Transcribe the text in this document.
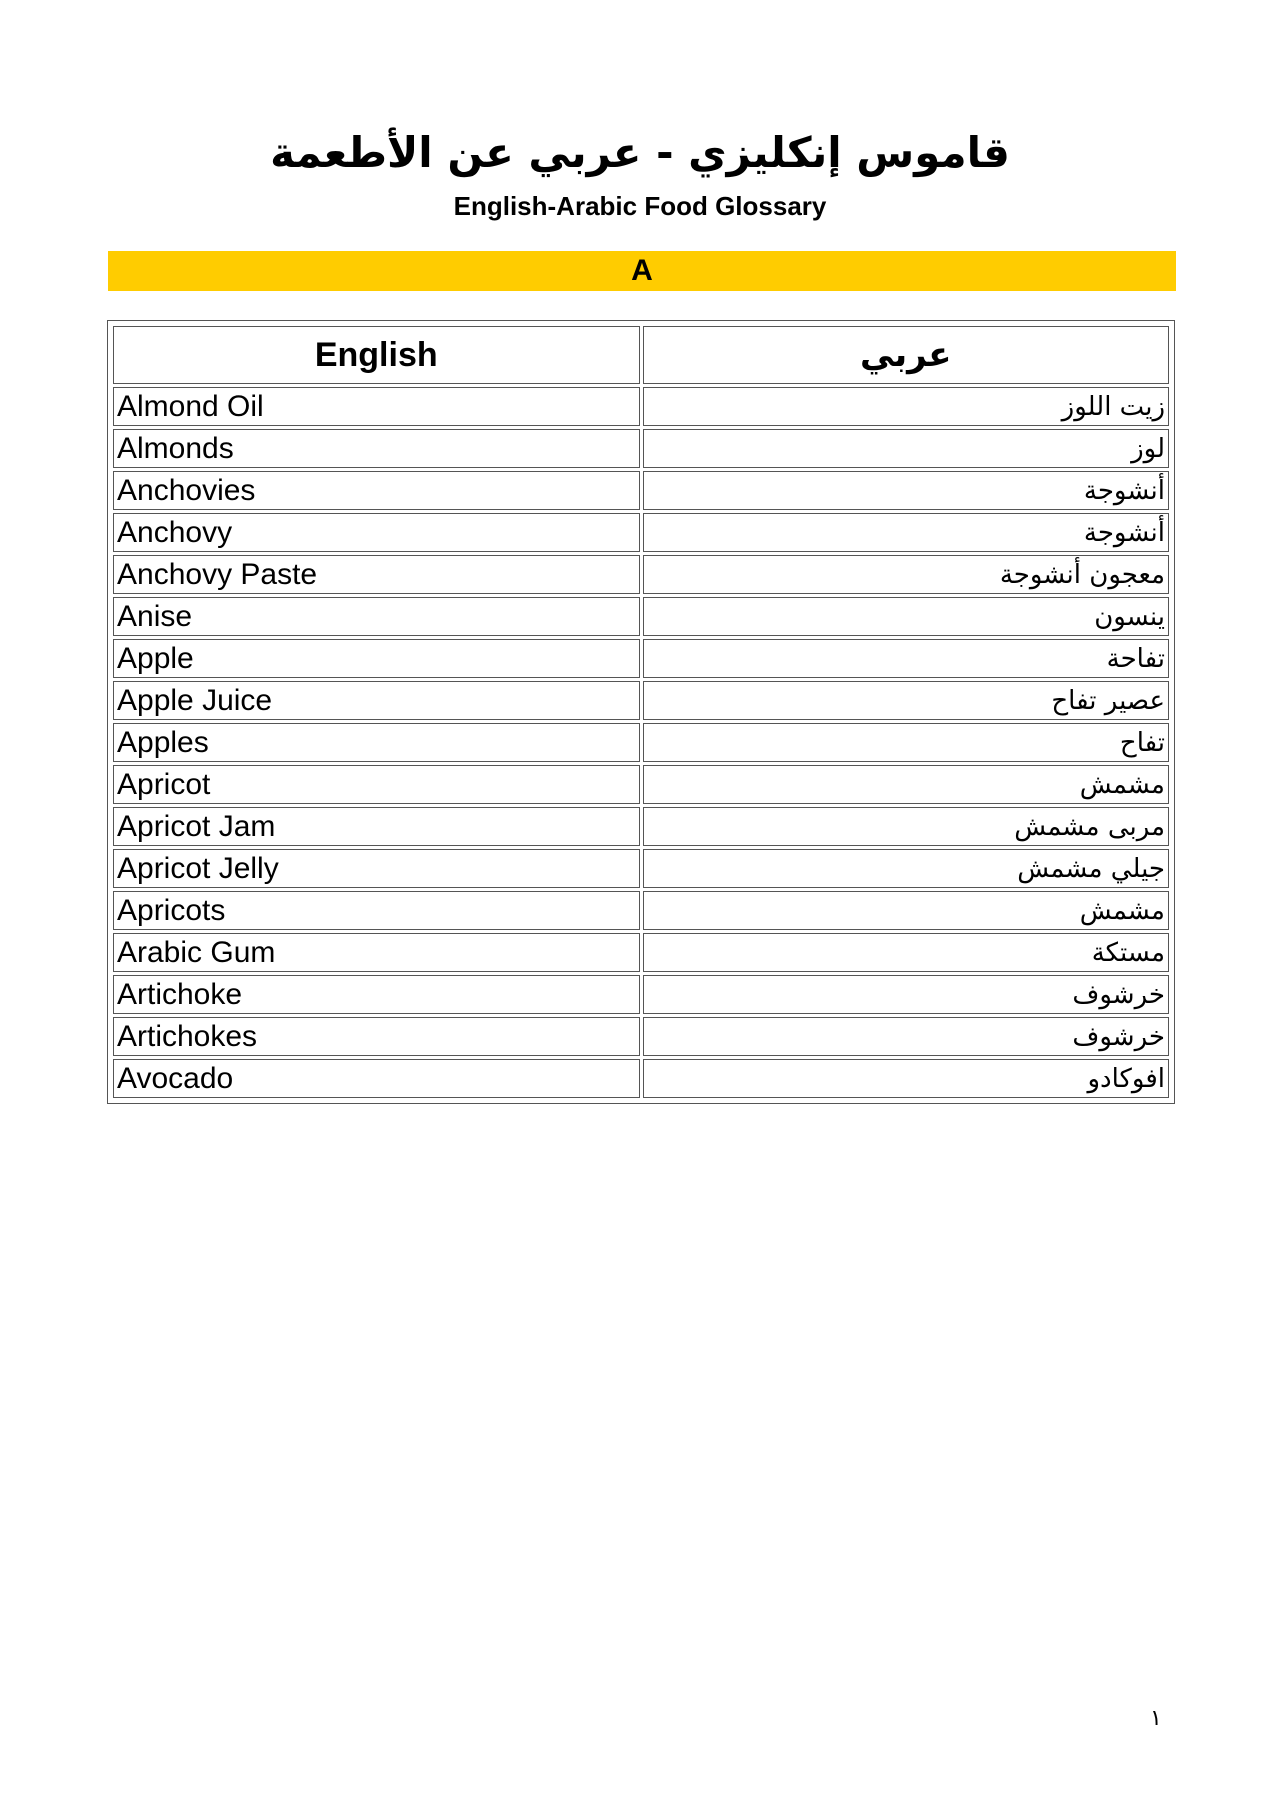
قاموس إنكليزي - عربي عن الأطعمة
English-Arabic Food Glossary
A
English	عربي
Almond Oil	زيت اللوز
Almonds	لوز
Anchovies	أنشوجة
Anchovy	أنشوجة
Anchovy Paste	معجون أنشوجة
Anise	ينسون
Apple	تفاحة
Apple Juice	عصير تفاح
Apples	تفاح
Apricot	مشمش
Apricot Jam	مربى مشمش
Apricot Jelly	جيلي مشمش
Apricots	مشمش
Arabic Gum	مستكة
Artichoke	خرشوف
Artichokes	خرشوف
Avocado	افوكادو
١
